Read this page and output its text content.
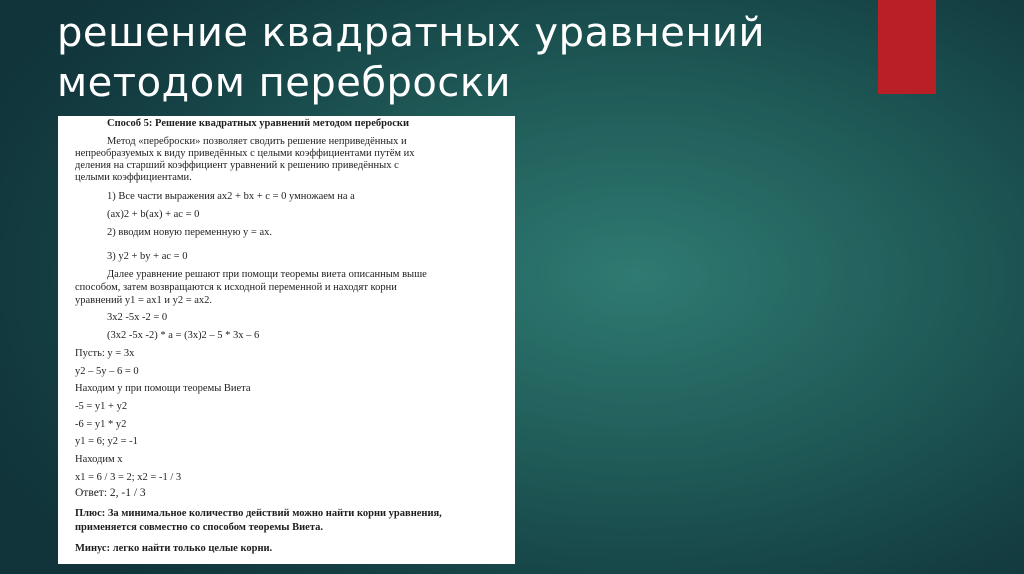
решение квадратных уравнений
методом переброски
Способ 5: Решение квадратных уравнений методом переброски
Метод «переброски» позволяет сводить решение неприведённых и
непреобразуемых к виду приведённых с целыми коэффициентами путём их
деления на старший коэффициент уравнений к решению приведённых с
целыми коэффициентами.
1) Все части выражения ax2 + bx + c = 0 умножаем на a
(ax)2 + b(ax) + ac = 0
2) вводим новую переменную y = ax.
3) y2 + by + ac = 0
Далее уравнение решают при помощи теоремы виета описанным выше
способом, затем возвращаются к исходной переменной и находят корни
уравнений y1 = ax1 и y2 = ax2.
3x2 -5x -2 = 0
(3x2 -5x -2) * a = (3x)2 – 5 * 3x – 6
Пусть: y = 3x
y2 – 5y – 6 = 0
Находим y при помощи теоремы Виета
-5 = y1 + y2
-6 = y1 * y2
y1 = 6; y2 = -1
Находим x
x1 = 6 / 3 = 2; x2 = -1 / 3
Ответ: 2, -1 / 3
Плюс: За минимальное количество действий можно найти корни уравнения,
применяется совместно со способом теоремы Виета.
Минус: легко найти только целые корни.
